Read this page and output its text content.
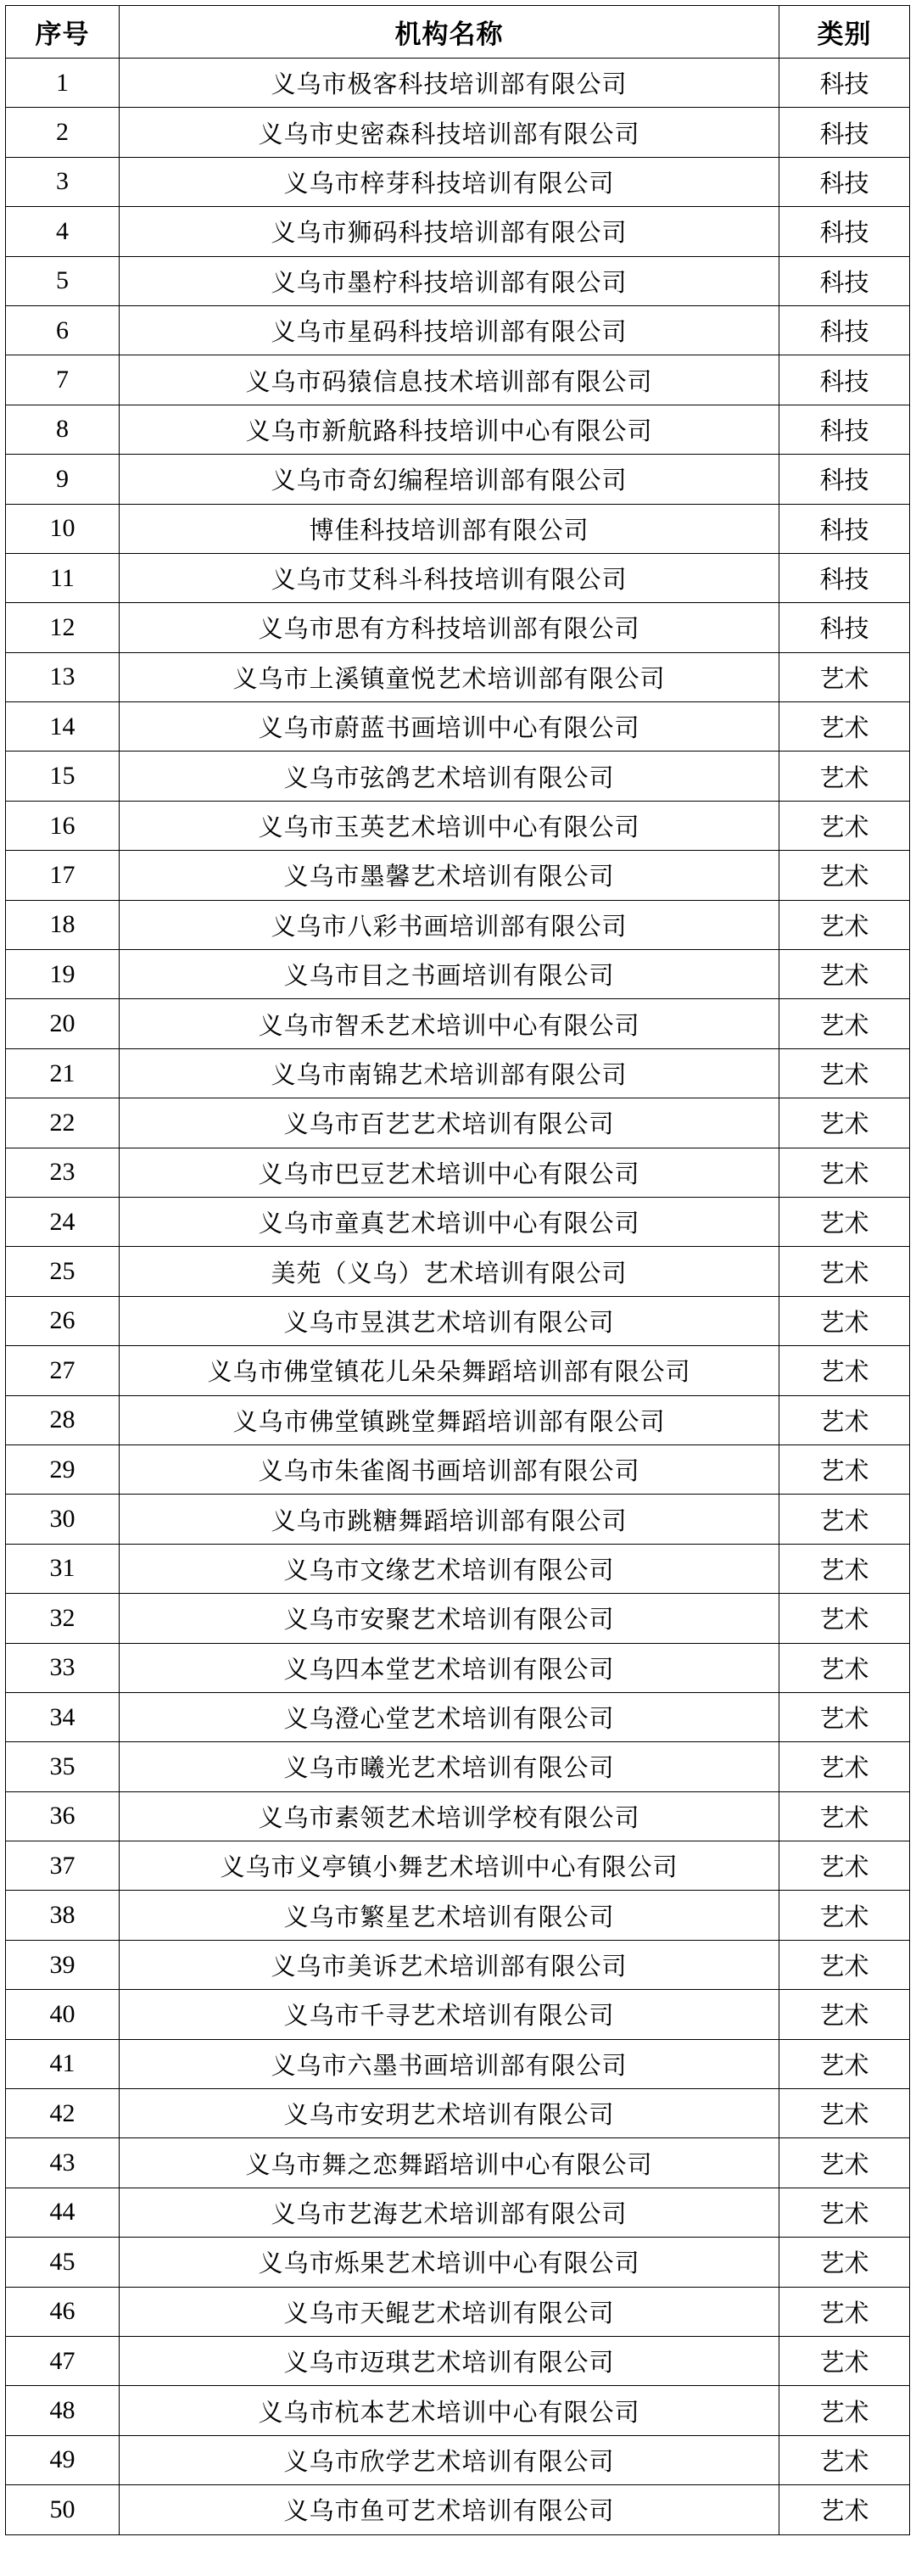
序号	机构名称	类别
1	义乌市极客科技培训部有限公司	科技
2	义乌市史密森科技培训部有限公司	科技
3	义乌市梓芽科技培训有限公司	科技
4	义乌市狮码科技培训部有限公司	科技
5	义乌市墨柠科技培训部有限公司	科技
6	义乌市星码科技培训部有限公司	科技
7	义乌市码猿信息技术培训部有限公司	科技
8	义乌市新航路科技培训中心有限公司	科技
9	义乌市奇幻编程培训部有限公司	科技
10	博佳科技培训部有限公司	科技
11	义乌市艾科斗科技培训有限公司	科技
12	义乌市思有方科技培训部有限公司	科技
13	义乌市上溪镇童悦艺术培训部有限公司	艺术
14	义乌市蔚蓝书画培训中心有限公司	艺术
15	义乌市弦鸽艺术培训有限公司	艺术
16	义乌市玉英艺术培训中心有限公司	艺术
17	义乌市墨馨艺术培训有限公司	艺术
18	义乌市八彩书画培训部有限公司	艺术
19	义乌市目之书画培训有限公司	艺术
20	义乌市智禾艺术培训中心有限公司	艺术
21	义乌市南锦艺术培训部有限公司	艺术
22	义乌市百艺艺术培训有限公司	艺术
23	义乌市巴豆艺术培训中心有限公司	艺术
24	义乌市童真艺术培训中心有限公司	艺术
25	美苑（义乌）艺术培训有限公司	艺术
26	义乌市昱淇艺术培训有限公司	艺术
27	义乌市佛堂镇花儿朵朵舞蹈培训部有限公司	艺术
28	义乌市佛堂镇跳堂舞蹈培训部有限公司	艺术
29	义乌市朱雀阁书画培训部有限公司	艺术
30	义乌市跳糖舞蹈培训部有限公司	艺术
31	义乌市文缘艺术培训有限公司	艺术
32	义乌市安聚艺术培训有限公司	艺术
33	义乌四本堂艺术培训有限公司	艺术
34	义乌澄心堂艺术培训有限公司	艺术
35	义乌市曦光艺术培训有限公司	艺术
36	义乌市素领艺术培训学校有限公司	艺术
37	义乌市义亭镇小舞艺术培训中心有限公司	艺术
38	义乌市繁星艺术培训有限公司	艺术
39	义乌市美诉艺术培训部有限公司	艺术
40	义乌市千寻艺术培训有限公司	艺术
41	义乌市六墨书画培训部有限公司	艺术
42	义乌市安玥艺术培训有限公司	艺术
43	义乌市舞之恋舞蹈培训中心有限公司	艺术
44	义乌市艺海艺术培训部有限公司	艺术
45	义乌市烁果艺术培训中心有限公司	艺术
46	义乌市天鲲艺术培训有限公司	艺术
47	义乌市迈琪艺术培训有限公司	艺术
48	义乌市杭本艺术培训中心有限公司	艺术
49	义乌市欣学艺术培训有限公司	艺术
50	义乌市鱼可艺术培训有限公司	艺术
